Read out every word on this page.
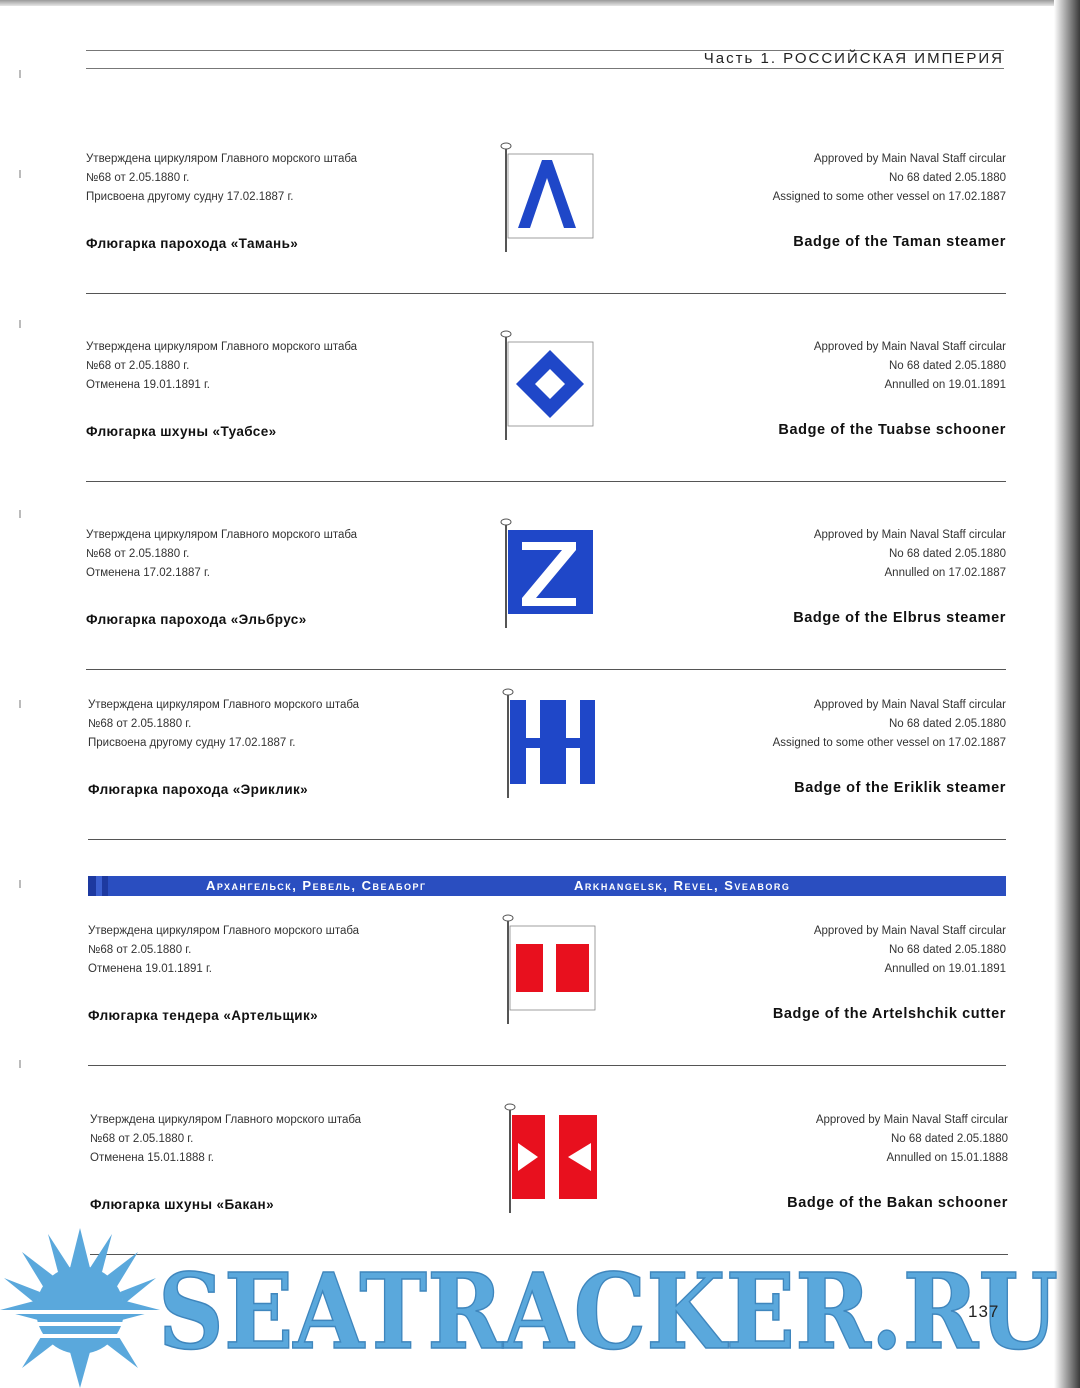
Часть 1. РОССИЙСКАЯ ИМПЕРИЯ
Утверждена циркуляром Главного морского штаба
№68 от 2.05.1880 г.
Присвоена другому судну 17.02.1887 г.
Флюгарка парохода «Тамань»
Approved by Main Naval Staff circular
No 68 dated 2.05.1880
Assigned to some other vessel on 17.02.1887
Badge of the Taman steamer
Утверждена циркуляром Главного морского штаба
№68 от 2.05.1880 г.
Отменена 19.01.1891 г.
Флюгарка шхуны «Туабсе»
Approved by Main Naval Staff circular
No 68 dated 2.05.1880
Annulled on 19.01.1891
Badge of the Tuabse schooner
Утверждена циркуляром Главного морского штаба
№68 от 2.05.1880 г.
Отменена 17.02.1887 г.
Флюгарка парохода «Эльбрус»
Approved by Main Naval Staff circular
No 68 dated 2.05.1880
Annulled on 17.02.1887
Badge of the Elbrus steamer
Утверждена циркуляром Главного морского штаба
№68 от 2.05.1880 г.
Присвоена другому судну 17.02.1887 г.
Флюгарка парохода «Эриклик»
Approved by Main Naval Staff circular
No 68 dated 2.05.1880
Assigned to some other vessel on 17.02.1887
Badge of the Eriklik steamer
Архангельск, Ревель, Свеаборг	Arkhangelsk, Revel, Sveaborg
Утверждена циркуляром Главного морского штаба
№68 от 2.05.1880 г.
Отменена 19.01.1891 г.
Флюгарка тендера «Артельщик»
Approved by Main Naval Staff circular
No 68 dated 2.05.1880
Annulled on 19.01.1891
Badge of the Artelshchik cutter
Утверждена циркуляром Главного морского штаба
№68 от 2.05.1880 г.
Отменена 15.01.1888 г.
Флюгарка шхуны «Бакан»
Approved by Main Naval Staff circular
No 68 dated 2.05.1880
Annulled on 15.01.1888
Badge of the Bakan schooner
SEATRACKER.RU
137
